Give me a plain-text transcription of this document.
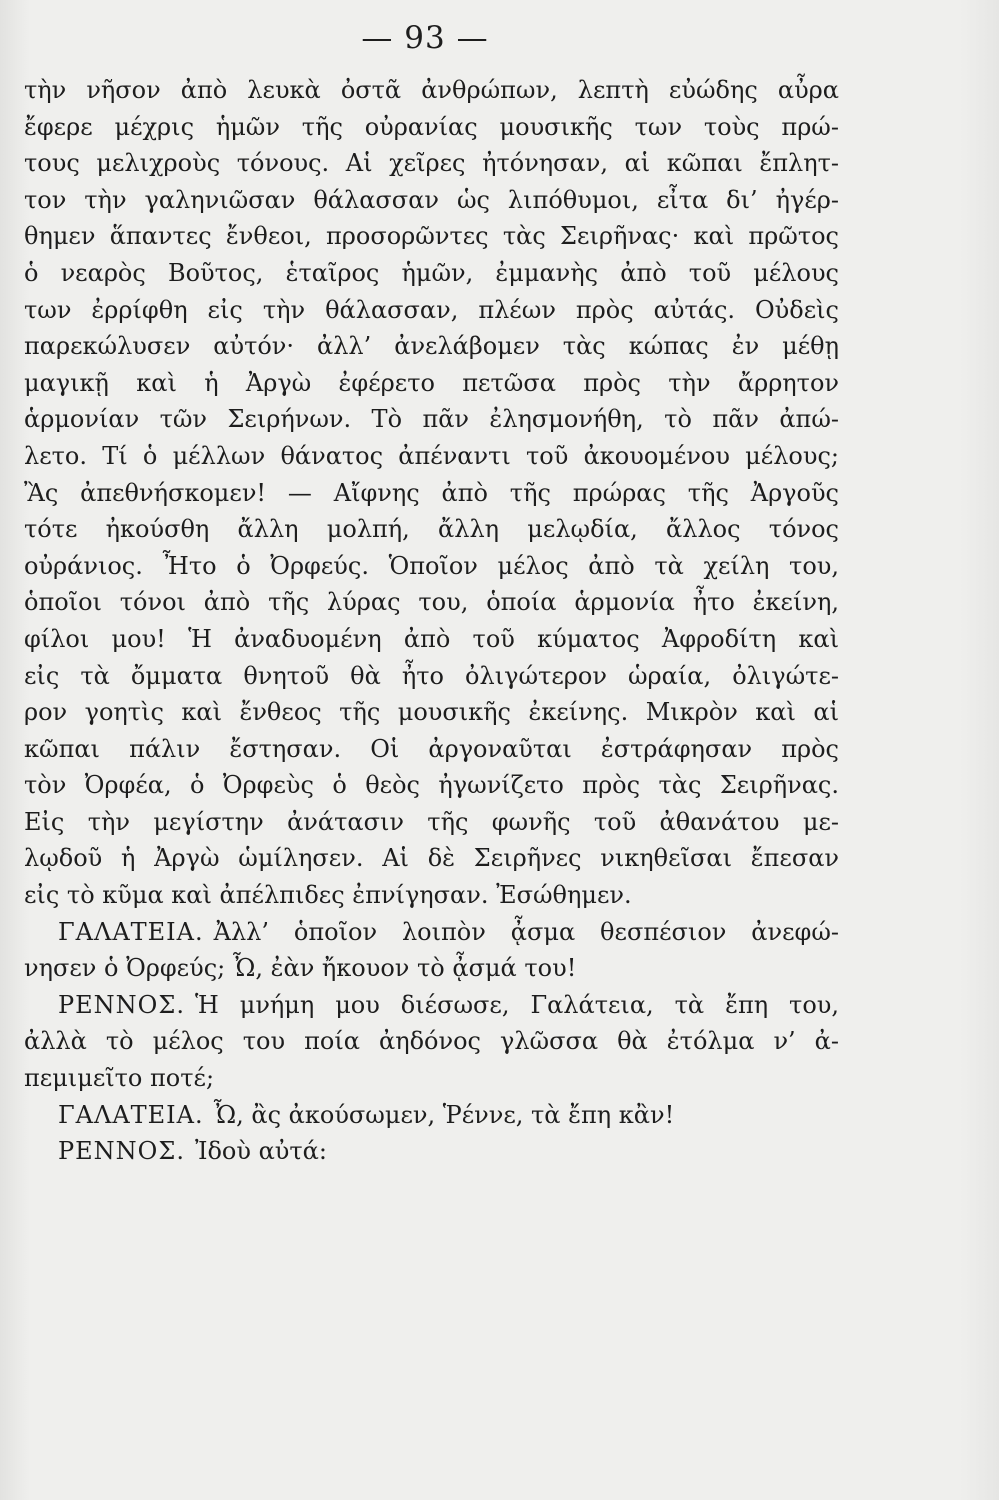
— 93 —
τὴν νῆσον ἀπὸ λευκὰ ὀστᾶ ἀνθρώπων, λεπτὴ εὐώδης αὖρα
ἔφερε μέχρις ἡμῶν τῆς οὐρανίας μουσικῆς των τοὺς πρώ-
τους μελιχροὺς τόνους. Αἱ χεῖρες ἠτόνησαν, αἱ κῶπαι ἔπλητ-
τον τὴν γαληνιῶσαν θάλασσαν ὡς λιπόθυμοι, εἶτα δι’ ἠγέρ-
θημεν ἅπαντες ἔνθεοι, προσορῶντες τὰς Σειρῆνας· καὶ πρῶτος
ὁ νεαρὸς Βοῦτος, ἑταῖρος ἡμῶν, ἐμμανὴς ἀπὸ τοῦ μέλους
των ἐρρίφθη εἰς τὴν θάλασσαν, πλέων πρὸς αὐτάς. Οὐδεὶς
παρεκώλυσεν αὐτόν· ἀλλ’ ἀνελάβομεν τὰς κώπας ἐν μέθῃ
μαγικῇ καὶ ἡ Ἀργὼ ἐφέρετο πετῶσα πρὸς τὴν ἄρρητον
ἁρμονίαν τῶν Σειρήνων. Τὸ πᾶν ἐλησμονήθη, τὸ πᾶν ἀπώ-
λετο. Τί ὁ μέλλων θάνατος ἀπέναντι τοῦ ἀκουομένου μέλους;
Ἂς ἀπεθνήσκομεν! — Αἴφνης ἀπὸ τῆς πρώρας τῆς Ἀργοῦς
τότε ἠκούσθη ἄλλη μολπή, ἄλλη μελῳδία, ἄλλος τόνος
οὐράνιος. Ἦτο ὁ Ὀρφεύς. Ὁποῖον μέλος ἀπὸ τὰ χείλη του,
ὁποῖοι τόνοι ἀπὸ τῆς λύρας του, ὁποία ἁρμονία ἦτο ἐκείνη,
φίλοι μου! Ἡ ἀναδυομένη ἀπὸ τοῦ κύματος Ἀφροδίτη καὶ
εἰς τὰ ὄμματα θνητοῦ θὰ ἦτο ὀλιγώτερον ὡραία, ὀλιγώτε-
ρον γοητὶς καὶ ἔνθεος τῆς μουσικῆς ἐκείνης. Μικρὸν καὶ αἱ
κῶπαι πάλιν ἔστησαν. Οἱ ἀργοναῦται ἐστράφησαν πρὸς
τὸν Ὀρφέα, ὁ Ὀρφεὺς ὁ θεὸς ἠγωνίζετο πρὸς τὰς Σειρῆνας.
Εἰς τὴν μεγίστην ἀνάτασιν τῆς φωνῆς τοῦ ἀθανάτου με-
λῳδοῦ ἡ Ἀργὼ ὡμίλησεν. Αἱ δὲ Σειρῆνες νικηθεῖσαι ἔπεσαν
εἰς τὸ κῦμα καὶ ἀπέλπιδες ἐπνίγησαν. Ἐσώθημεν.
ΓΑΛΑΤΕΙΑ. Ἀλλ’ ὁποῖον λοιπὸν ᾆσμα θεσπέσιον ἀνεφώ-
νησεν ὁ Ὀρφεύς; Ὦ, ἐὰν ἤκουον τὸ ᾆσμά του!
ΡΕΝΝΟΣ. Ἡ μνήμη μου διέσωσε, Γαλάτεια, τὰ ἔπη του,
ἀλλὰ τὸ μέλος του ποία ἀηδόνος γλῶσσα θὰ ἐτόλμα ν’ ἀ-
πεμιμεῖτο ποτέ;
ΓΑΛΑΤΕΙΑ. Ὦ, ἂς ἀκούσωμεν, Ῥέννε, τὰ ἔπη κἂν!
ΡΕΝΝΟΣ. Ἰδοὺ αὐτά:
